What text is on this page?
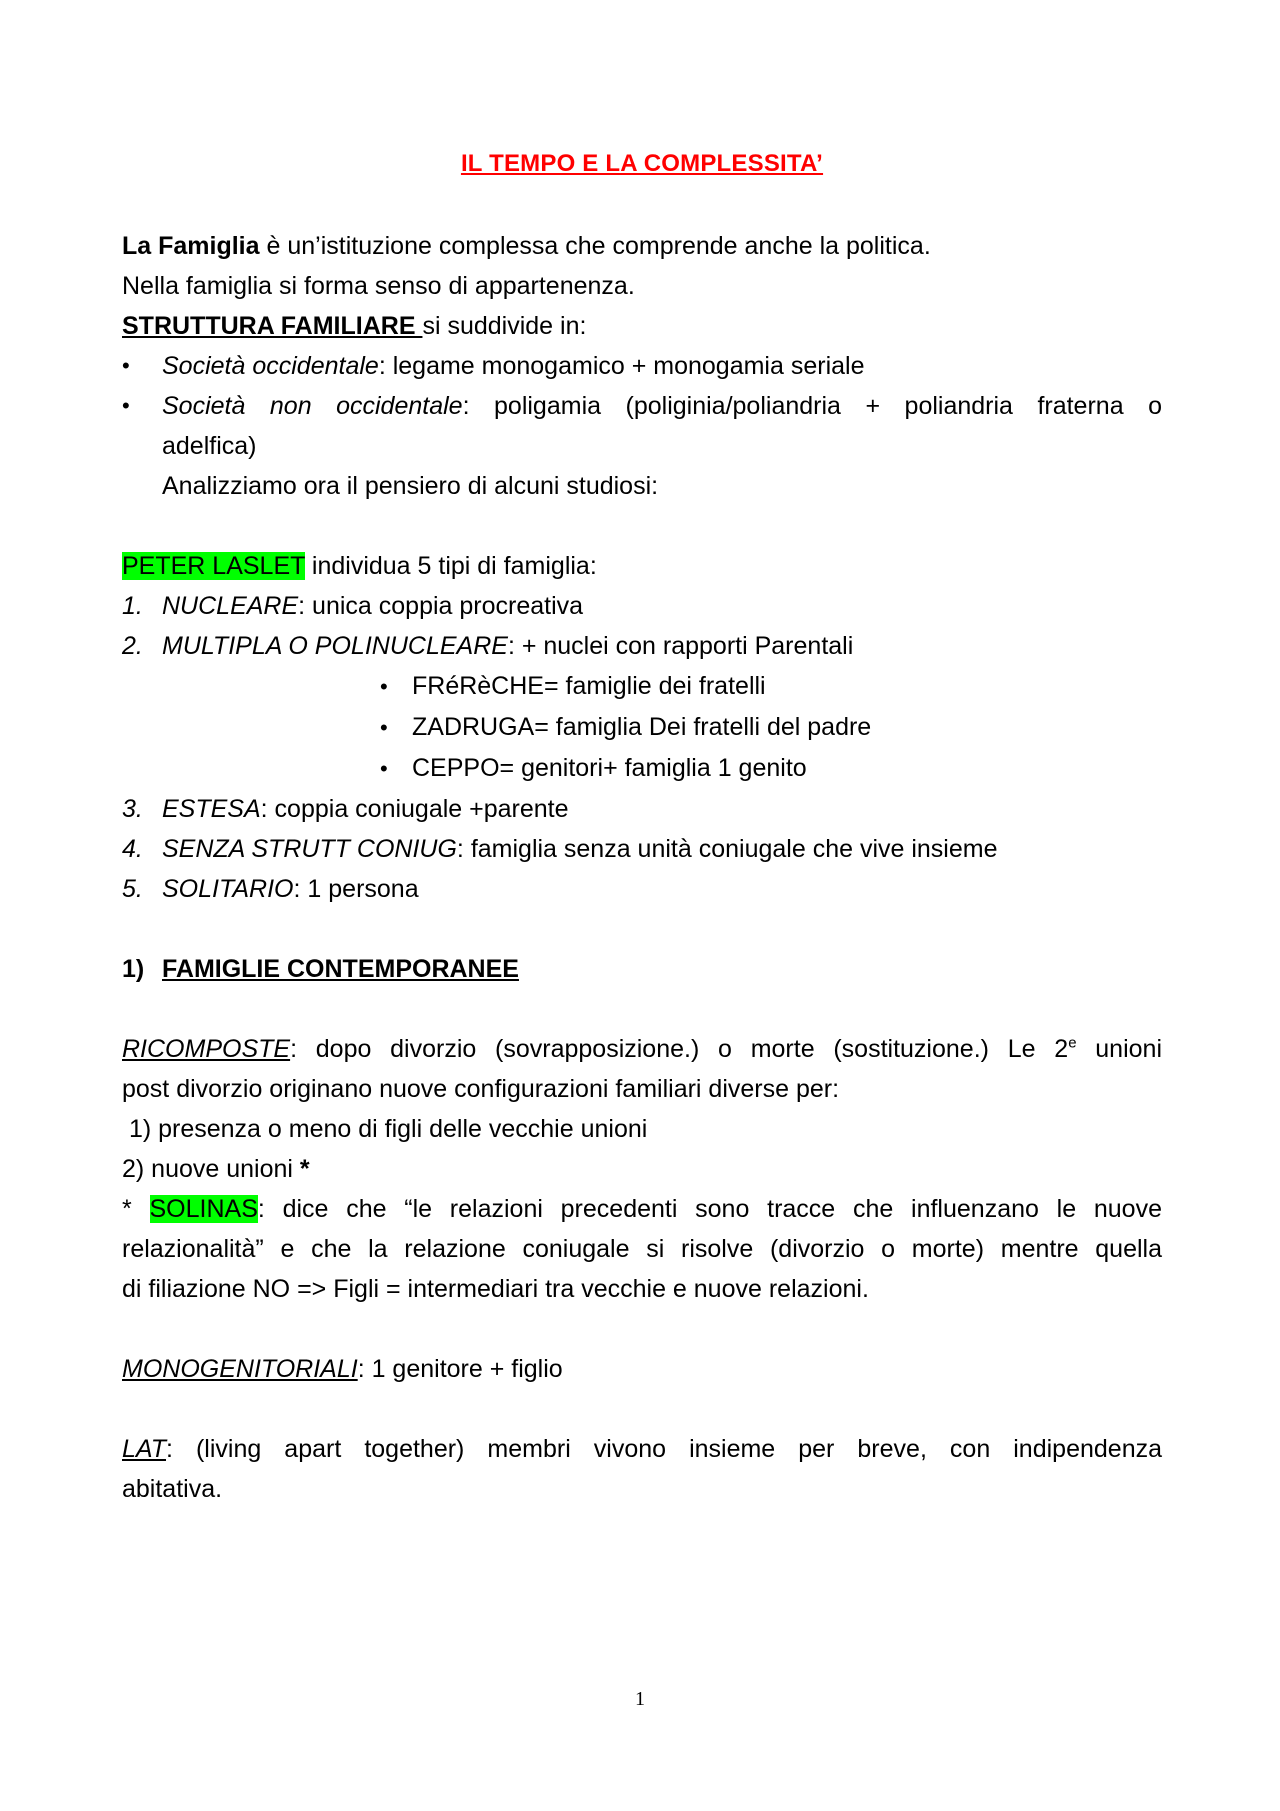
IL TEMPO E LA COMPLESSITA’

La Famiglia è un’istituzione complessa che comprende anche la politica.

Nella famiglia si forma senso di appartenenza.

STRUTTURA FAMILIARE si suddivide in:

•	Società occidentale: legame monogamico + monogamia seriale
•	Società non occidentale: poligamia (poliginia/poliandria + poliandria fraterna o
adelfica)
Analizziamo ora il pensiero di alcuni studiosi:

PETER LASLET individua 5 tipi di famiglia:

1. NUCLEARE: unica coppia procreativa
2. MULTIPLA O POLINUCLEARE: + nuclei con rapporti Parentali
• FRéRèCHE= famiglie dei fratelli
• ZADRUGA= famiglia Dei fratelli del padre
• CEPPO= genitori+ famiglia 1 genito
3. ESTESA: coppia coniugale +parente
4. SENZA STRUTT CONIUG: famiglia senza unità coniugale che vive insieme
5. SOLITARIO: 1 persona
1) FAMIGLIE CONTEMPORANEE

RICOMPOSTE: dopo divorzio (sovrapposizione.) o morte (sostituzione.) Le 2e unioni

post divorzio originano nuove configurazioni familiari diverse per:

1) presenza o meno di figli delle vecchie unioni

2) nuove unioni *

* SOLINAS: dice che “le relazioni precedenti sono tracce che influenzano le nuove

relazionalità” e che la relazione coniugale si risolve (divorzio o morte) mentre quella

di filiazione NO => Figli = intermediari tra vecchie e nuove relazioni.

MONOGENITORIALI: 1 genitore + figlio

LAT: (living apart together) membri vivono insieme per breve, con indipendenza

abitativa.

1
